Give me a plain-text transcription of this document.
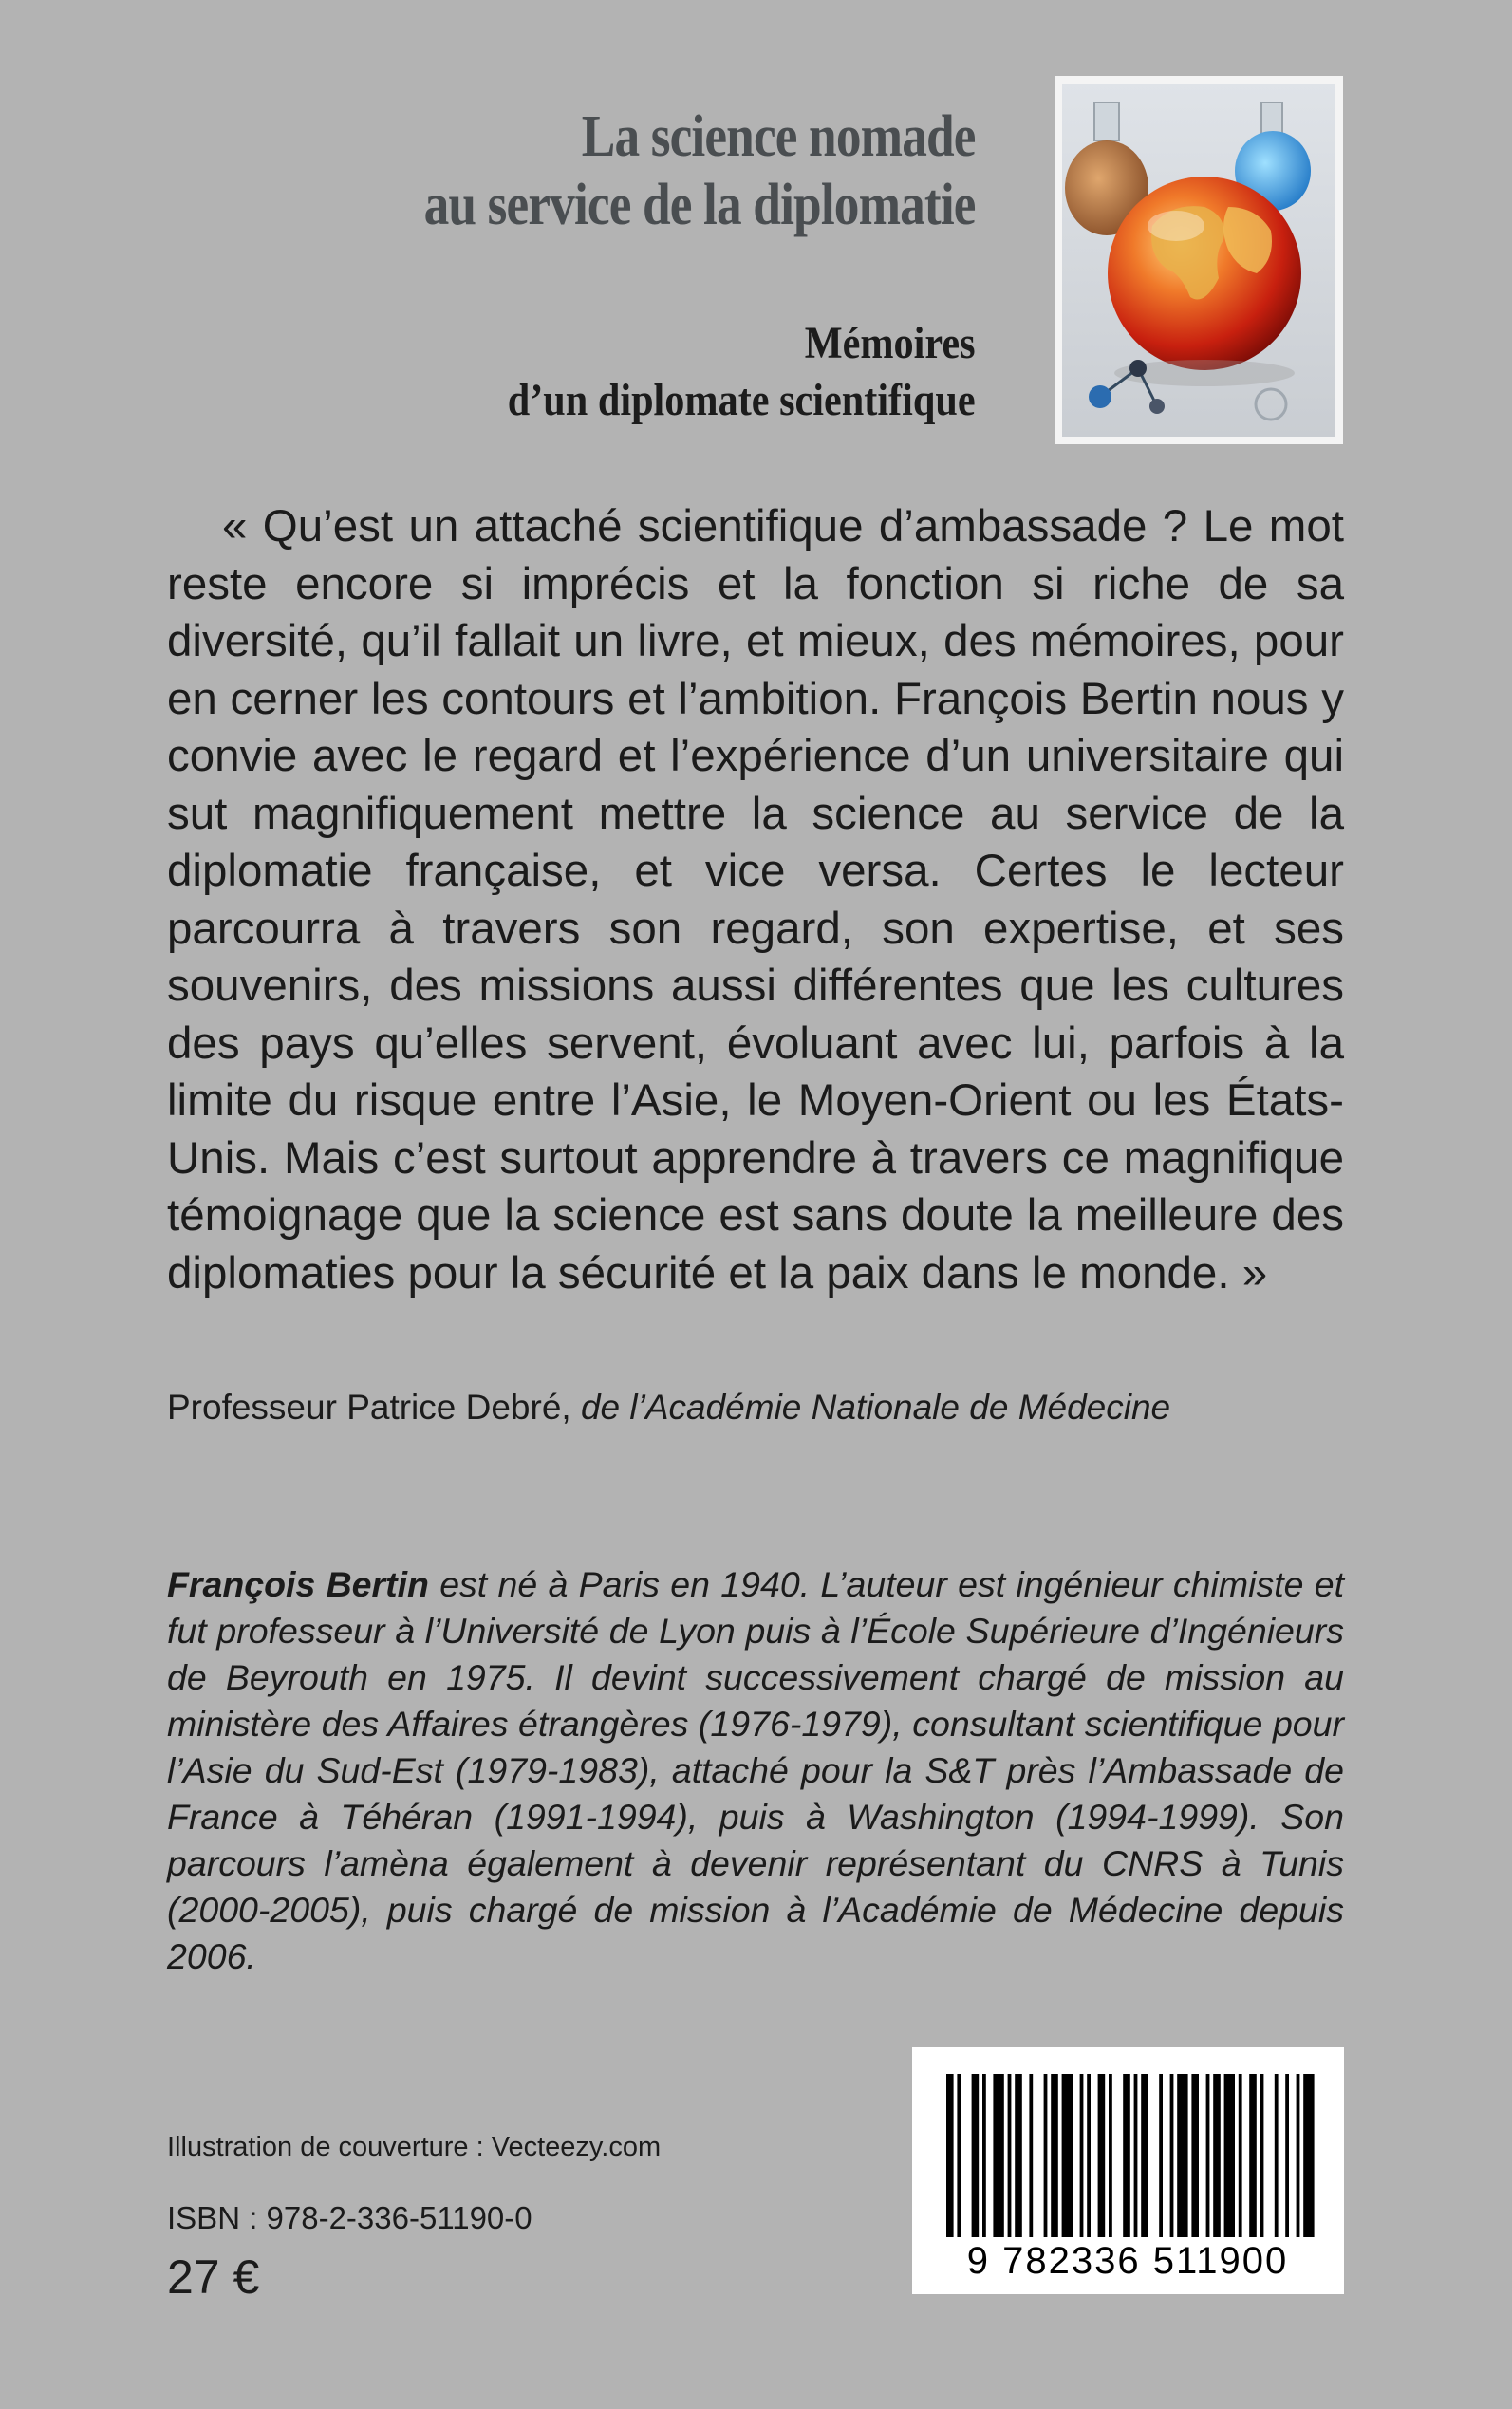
La science nomade
au service de la diplomatie
Mémoires
d’un diplomate scientifique

« Qu’est un attaché scientifique d’ambassade ? Le mot reste encore si imprécis et la fonction si riche de sa diversité, qu’il fallait un livre, et mieux, des mémoires, pour en cerner les contours et l’ambition. François Bertin nous y convie avec le regard et l’expérience d’un universitaire qui sut magnifiquement mettre la science au service de la diplomatie française, et vice versa. Certes le lecteur parcourra à travers son regard, son expertise, et ses souvenirs, des missions aussi différentes que les cultures des pays qu’elles servent, évoluant avec lui, parfois à la limite du risque entre l’Asie, le Moyen-Orient ou les États-Unis. Mais c’est surtout apprendre à travers ce magnifique témoignage que la science est sans doute la meilleure des diplomaties pour la sécurité et la paix dans le monde. »

Professeur Patrice Debré, de l’Académie Nationale de Médecine

François Bertin est né à Paris en 1940. L’auteur est ingénieur chimiste et fut professeur à l’Université de Lyon puis à l’École Supérieure d’Ingénieurs de Beyrouth en 1975. Il devint successivement chargé de mission au ministère des Affaires étrangères (1976-1979), consultant scientifique pour l’Asie du Sud-Est (1979-1983), attaché pour la S&T près l’Ambassade de France à Téhéran (1991-1994), puis à Washington (1994-1999). Son parcours l’amèna également à devenir représentant du CNRS à Tunis (2000-2005), puis chargé de mission à l’Académie de Médecine depuis 2006.

Illustration de couverture : Vecteezy.com
ISBN : 978-2-336-51190-0
27 €	9 782336 511900
